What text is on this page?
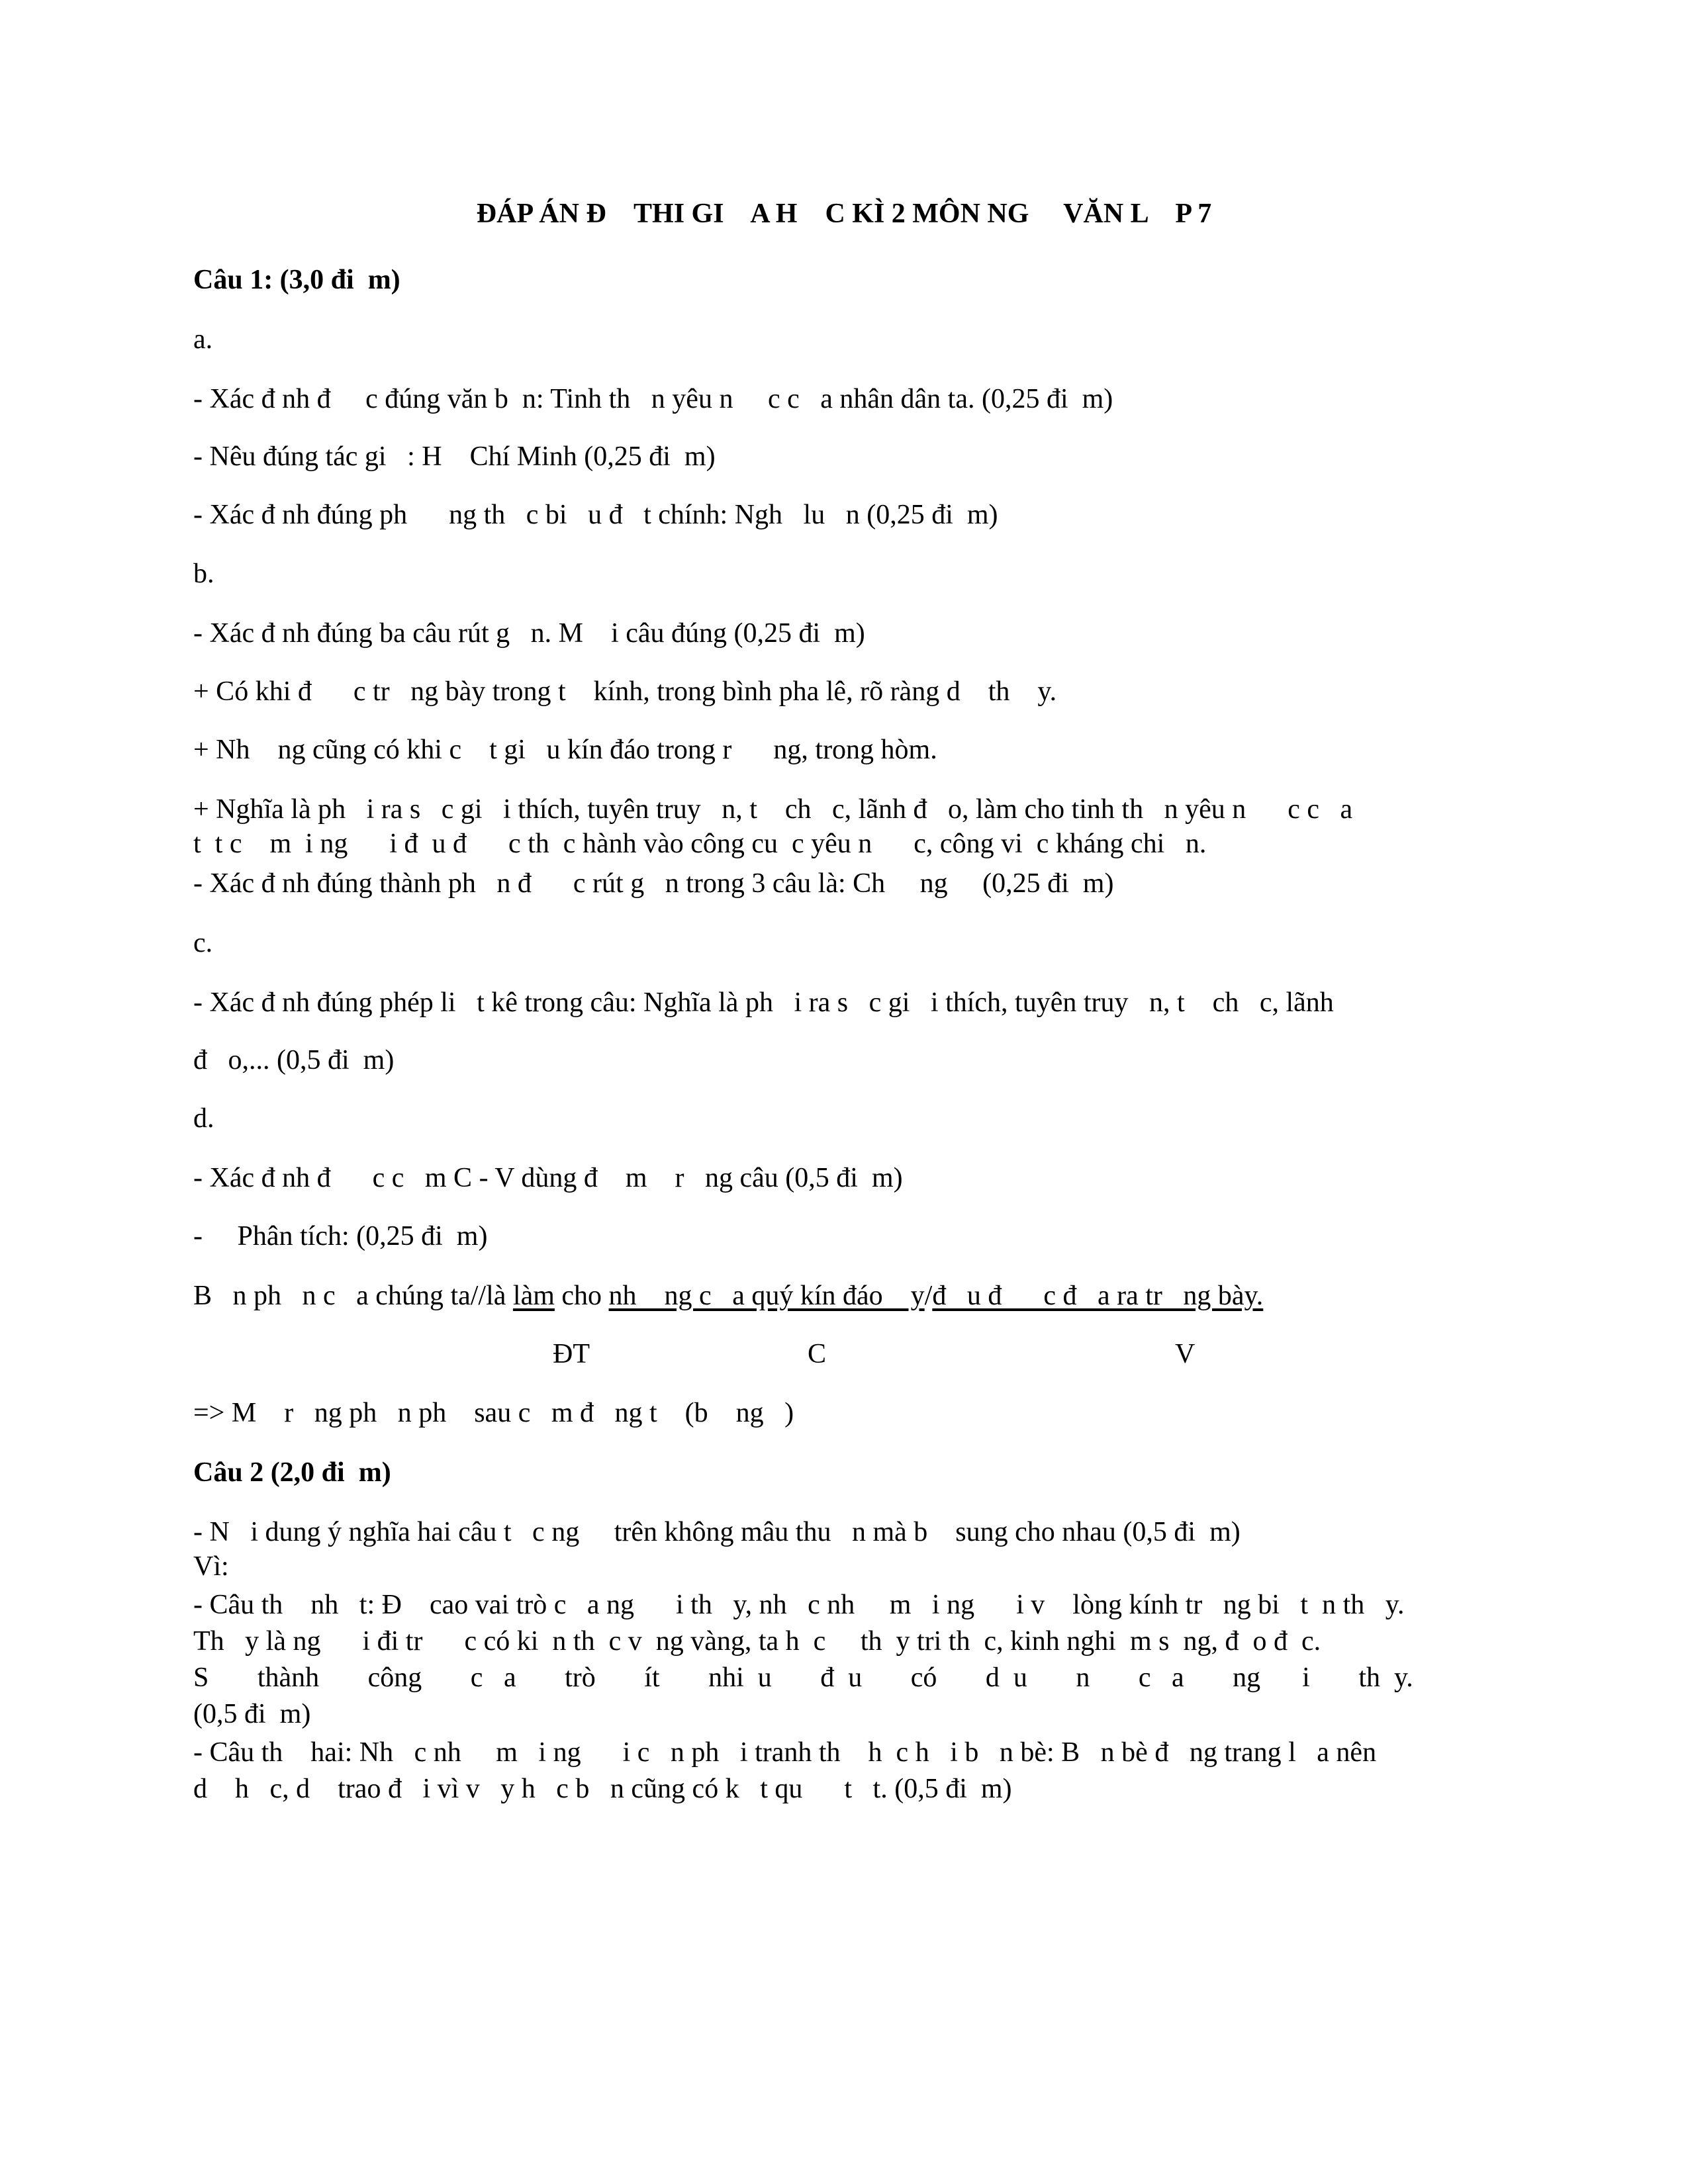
ĐÁP ÁN Đ    THI GI    A H    C KÌ 2 MÔN NG     VĂN L    P 7
Câu 1: (3,0 đi  m)
a.
- Xác đ nh đ     c đúng văn b  n: Tinh th   n yêu n     c c   a nhân dân ta. (0,25 đi  m)
- Nêu đúng tác gi   : H    Chí Minh (0,25 đi  m)
- Xác đ nh đúng ph      ng th   c bi   u đ   t chính: Ngh   lu   n (0,25 đi  m)
b.
- Xác đ nh đúng ba câu rút g   n. M    i câu đúng (0,25 đi  m)
+ Có khi đ      c tr   ng bày trong t    kính, trong bình pha lê, rõ ràng d    th    y.
+ Nh    ng cũng có khi c    t gi   u kín đáo trong r      ng, trong hòm.
+ Nghĩa là ph   i ra s   c gi   i thích, tuyên truy   n, t    ch   c, lãnh đ   o, làm cho tinh th   n yêu n      c c   a
t  t c    m  i ng      i đ  u đ      c th  c hành vào công cu  c yêu n      c, công vi  c kháng chi   n.
- Xác đ nh đúng thành ph   n đ      c rút g   n trong 3 câu là: Ch     ng     (0,25 đi  m)
c.
- Xác đ nh đúng phép li   t kê trong câu: Nghĩa là ph   i ra s   c gi   i thích, tuyên truy   n, t    ch   c, lãnh
đ   o,... (0,5 đi  m)
d.
- Xác đ nh đ      c c   m C - V dùng đ    m    r   ng câu (0,5 đi  m)
-     Phân tích: (0,25 đi  m)
B   n ph   n c   a chúng ta//là làm cho nh    ng c   a quý kín đáo    y/đ   u đ      c đ   a ra tr   ng bày.
ĐT	C	V
=> M    r   ng ph   n ph    sau c   m đ   ng t    (b    ng   )
Câu 2 (2,0 đi  m)
- N   i dung ý nghĩa hai câu t   c ng     trên không mâu thu   n mà b    sung cho nhau (0,5 đi  m)
Vì:
- Câu th    nh   t: Đ    cao vai trò c   a ng      i th   y, nh   c nh     m   i ng      i v    lòng kính tr   ng bi   t  n th   y.
Th   y là ng      i đi tr      c có ki  n th  c v  ng vàng, ta h  c     th  y tri th  c, kinh nghi  m s  ng, đ  o đ  c.
S       thành       công       c   a       trò       ít       nhi  u       đ  u       có       d  u       n       c   a       ng      i       th  y.
(0,5 đi  m)
- Câu th    hai: Nh   c nh     m   i ng      i c   n ph   i tranh th    h  c h   i b   n bè: B   n bè đ   ng trang l   a nên
d    h   c, d    trao đ   i vì v   y h   c b   n cũng có k   t qu      t   t. (0,5 đi  m)
